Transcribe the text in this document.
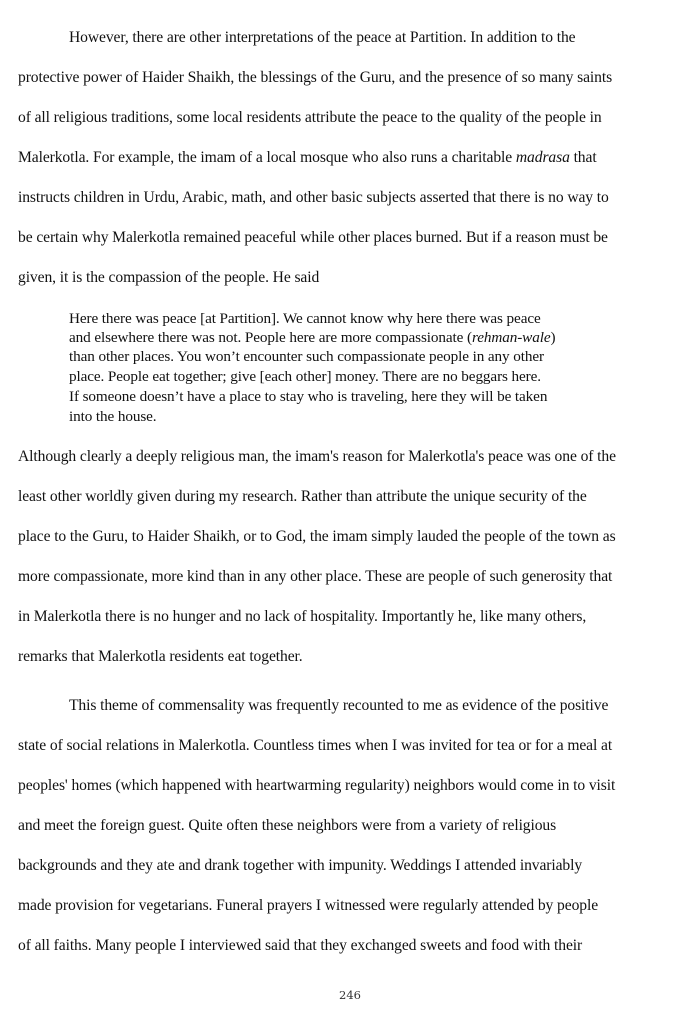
However, there are other interpretations of the peace at Partition. In addition to the
protective power of Haider Shaikh, the blessings of the Guru, and the presence of so many saints
of all religious traditions, some local residents attribute the peace to the quality of the people in
Malerkotla. For example, the imam of a local mosque who also runs a charitable madrasa that
instructs children in Urdu, Arabic, math, and other basic subjects asserted that there is no way to
be certain why Malerkotla remained peaceful while other places burned. But if a reason must be
given, it is the compassion of the people. He said
Here there was peace [at Partition]. We cannot know why here there was peace
and elsewhere there was not. People here are more compassionate (rehman-wale)
than other places. You won’t encounter such compassionate people in any other
place. People eat together; give [each other] money. There are no beggars here.
If someone doesn’t have a place to stay who is traveling, here they will be taken
into the house.
Although clearly a deeply religious man, the imam's reason for Malerkotla's peace was one of the
least other worldly given during my research. Rather than attribute the unique security of the
place to the Guru, to Haider Shaikh, or to God, the imam simply lauded the people of the town as
more compassionate, more kind than in any other place. These are people of such generosity that
in Malerkotla there is no hunger and no lack of hospitality. Importantly he, like many others,
remarks that Malerkotla residents eat together.
This theme of commensality was frequently recounted to me as evidence of the positive
state of social relations in Malerkotla. Countless times when I was invited for tea or for a meal at
peoples' homes (which happened with heartwarming regularity) neighbors would come in to visit
and meet the foreign guest. Quite often these neighbors were from a variety of religious
backgrounds and they ate and drank together with impunity. Weddings I attended invariably
made provision for vegetarians. Funeral prayers I witnessed were regularly attended by people
of all faiths. Many people I interviewed said that they exchanged sweets and food with their
246
